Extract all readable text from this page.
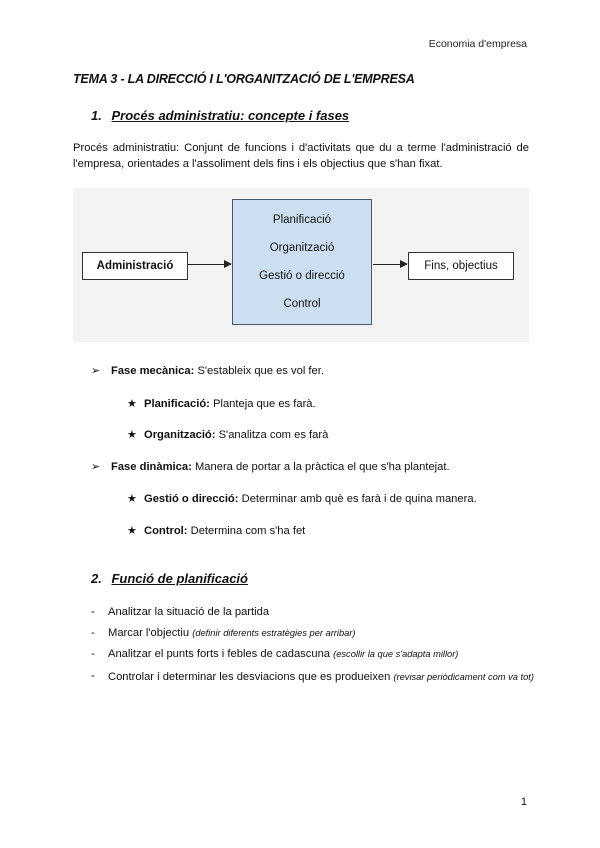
Economia d'empresa
TEMA 3 - LA DIRECCIÓ I L'ORGANITZACIÓ DE L'EMPRESA
1. Procés administratiu: concepte i fases
Procés administratiu: Conjunt de funcions i d'activitats que du a terme l'administració de l'empresa, orientades a l'assoliment dels fins i els objectius que s'han fixat.
Administració
Planificació
Organització
Gestió o direcció
Control
Fins, objectius
➢ Fase mecànica: S'estableix que es vol fer.
★ Planificació: Planteja que es farà.
★ Organització: S'analitza com es farà
➢ Fase dinàmica: Manera de portar a la pràctica el que s'ha plantejat.
★ Gestió o direcció: Determinar amb què es farà i de quina manera.
★ Control: Determina com s'ha fet
2. Funció de planificació
- Analitzar la situació de la partida
- Marcar l'objectiu (definir diferents estratègies per arribar)
- Analitzar el punts forts i febles de cadascuna (escollir la que s'adapta millor)
- Controlar i determinar les desviacions que es produeixen (revisar periòdicament com va tot)
1
